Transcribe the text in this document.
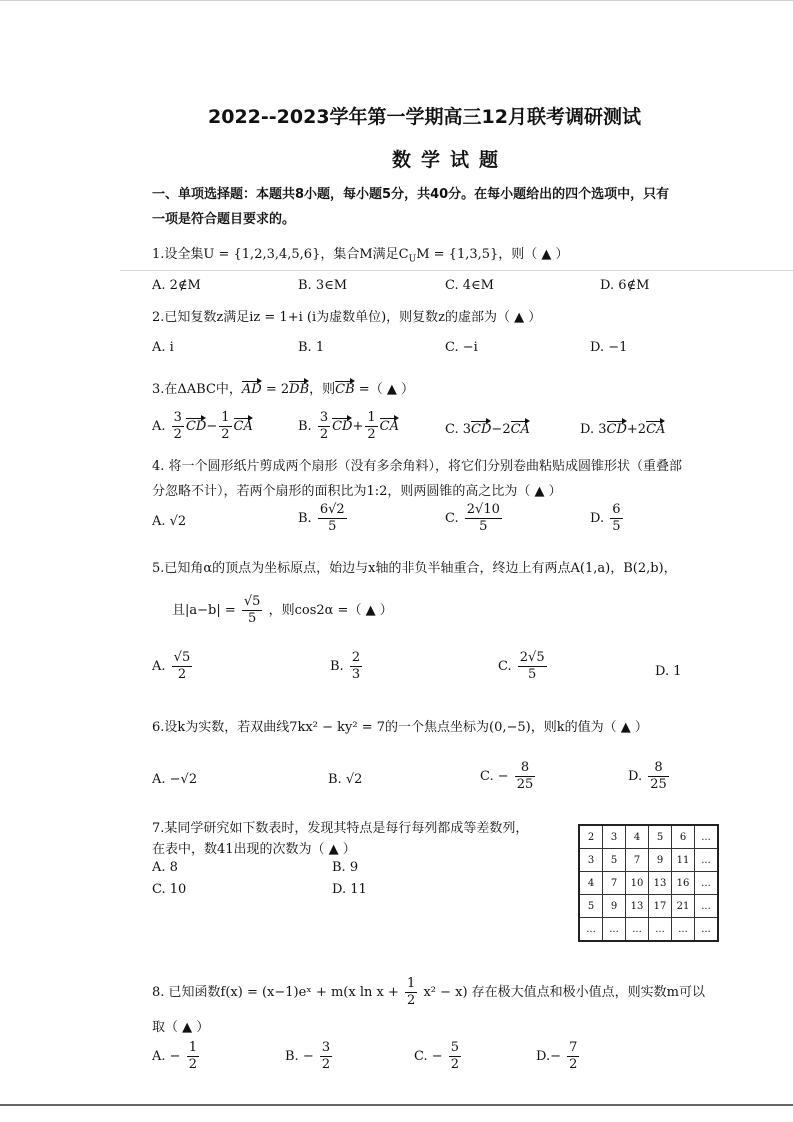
2022--2023学年第一学期高三12月联考调研测试
数学试题
一、单项选择题：本题共8小题，每小题5分，共40分。在每小题给出的四个选项中，只有
一项是符合题目要求的。
1.设全集U = {1,2,3,4,5,6}，集合M满足$C_UM = \{1,3,5\}$，则（ ▲ ）
A. 2∉M	B. 3∈M	C. 4∈M	D. 6∉M
2.已知复数z满足iz = 1+i (i为虚数单位)，则复数z的虚部为（ ▲ ）
A. i	B. 1	C. −i	D. −1
3.在ΔABC中，AD = 2DB，则CB =（ ▲ ）
A. $\frac{3}{2} CD- \frac{1}{2}$ CA	B. $\frac{3}{2} CD+ \frac{1}{2}$ CA	C. 3CD−2CA	D. 3CD+2CA
4. 将一个圆形纸片剪成两个扇形（没有多余角料），将它们分别卷曲粘贴成圆锥形状（重叠部
分忽略不计），若两个扇形的面积比为1:2，则两圆锥的高之比为（ ▲ ）
A. √2	B. $\frac{6√2}{5}$	C. $\frac{2√10}{5}$	D. $\frac{6}{5}$
5.已知角α的顶点为坐标原点，始边与x轴的非负半轴重合，终边上有两点A(1,a)，B(2,b)，
且$|a-b| = \frac{√5}{5}$ ，则cos2α =（ ▲ ）
A. $\frac{√5}{2}$	B. $\frac{2}{3}$	C. $\frac{2√5}{5}$	D. 1
6.设k为实数，若双曲线7kx² − ky² = 7的一个焦点坐标为(0,−5)，则k的值为（ ▲ ）
A. −√2	B. √2	C. − $\frac{8}{25}$	D. $\frac{8}{25}$
7.某同学研究如下数表时，发现其特点是每行每列都成等差数列，
在表中，数41出现的次数为（ ▲ ）
A. 8	B. 9
C. 10	D. 11
2	3	4	5	6	...
3	5	7	9	11	...
4	7	10	13	16	...
5	9	13	17	21	...
...	...	...	...	...	...
8. 已知函数f(x) = (x−1)eˣ + m(x $\ln x + \frac{1}{2} x^2 - x$) 存在极大值点和极小值点，则实数m可以
取（ ▲ ）
A. − $\frac{1}{2}$	B. − $\frac{3}{2}$	C. − $\frac{5}{2}$	$D.- \frac{7}{2}$
